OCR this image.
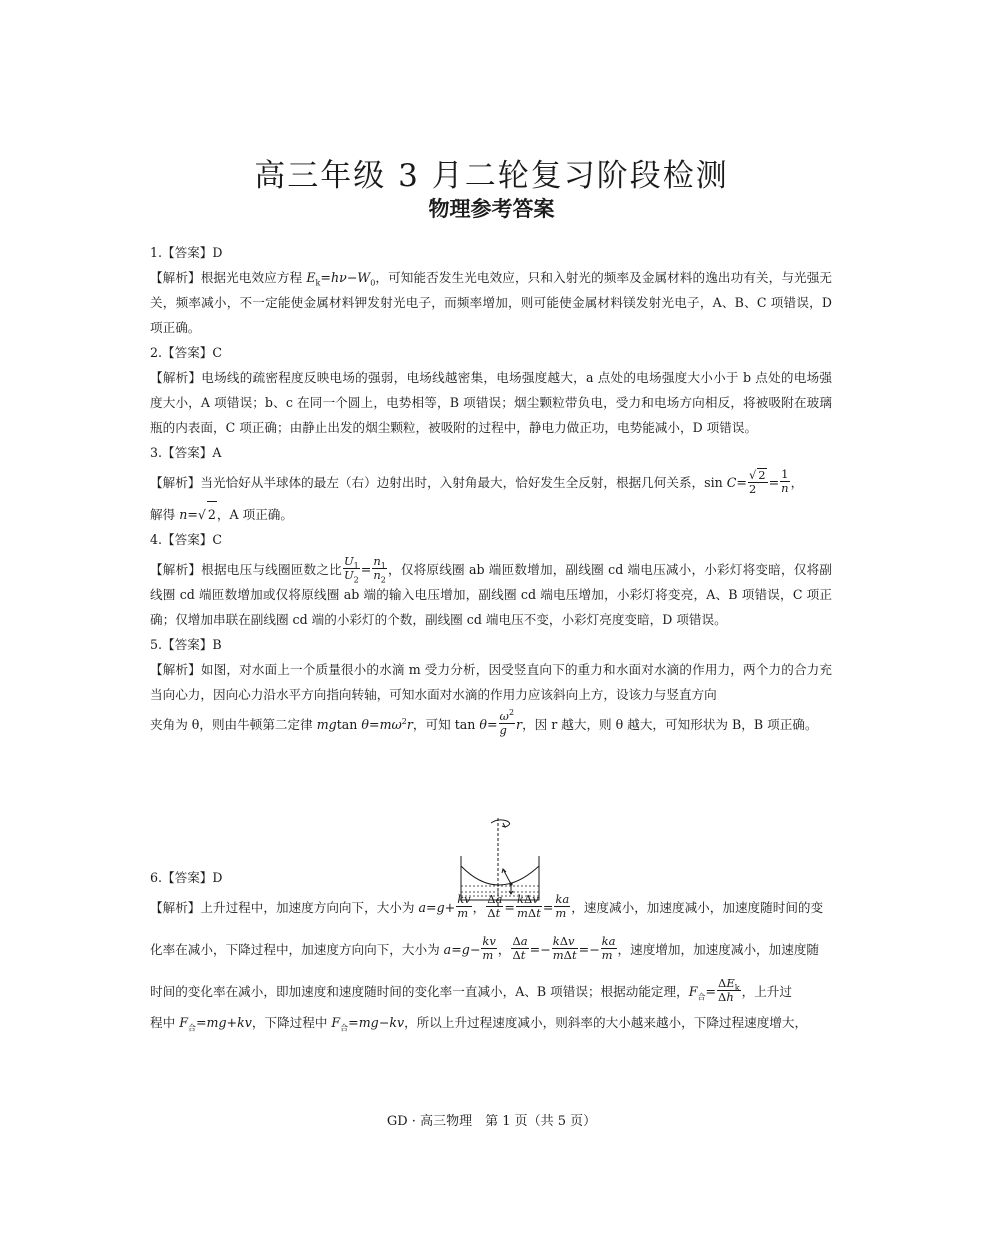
高三年级 3 月二轮复习阶段检测
物理参考答案

1.【答案】D

【解析】根据光电效应方程 $E_k=h\nu-W_0$，可知能否发生光电效应，只和入射光的频率及金属材料的逸出功有关，与光强无关，频率减小，不一定能使金属材料钾发射光电子，而频率增加，则可能使金属材料镁发射光电子，A、B、C 项错误，D 项正确。

2.【答案】C

【解析】电场线的疏密程度反映电场的强弱，电场线越密集，电场强度越大，a 点处的电场强度大小小于 b 点处的电场强度大小，A 项错误；b、c 在同一个圆上，电势相等，B 项错误；烟尘颗粒带负电，受力和电场方向相反，将被吸附在玻璃瓶的内表面，C 项正确；由静止出发的烟尘颗粒，被吸附的过程中，静电力做正功，电势能减小，D 项错误。

3.【答案】A

【解析】当光恰好从半球体的最左（右）边射出时，入射角最大，恰好发生全反射，根据几何关系，$\sin C= \frac{√ 2}{2} = \frac{1}{n}$ ，

解得 n=√ 2，A 项正确。

4.【答案】C

【解析】根据电压与线圈匝数之比 $\frac{U_1}{U_2} = \frac{n_1}{n_2}$ ，仅将原线圈 ab 端匝数增加，副线圈 cd 端电压减小，小彩灯将变暗，仅将副线圈 cd 端匝数增加或仅将原线圈 ab 端的输入电压增加，副线圈 cd 端电压增加，小彩灯将变亮，A、B 项错误，C 项正确；仅增加串联在副线圈 cd 端的小彩灯的个数，副线圈 cd 端电压不变，小彩灯亮度变暗，D 项错误。

5.【答案】B

【解析】如图，对水面上一个质量很小的水滴 m 受力分析，因受竖直向下的重力和水面对水滴的作用力，两个力的合力充当向心力，因向心力沿水平方向指向转轴，可知水面对水滴的作用力应该斜向上方，设该力与竖直方向

夹角为 θ，则由牛顿第二定律 mgtan $\theta=m\omega^2r$，可知 $\tan \theta= \frac{\omega^2}{g}$ r，因 r 越大，则 θ 越大，可知形状为 B，B 项正确。

6.【答案】D

【解析】上升过程中，加速度方向向下，大小为 $a=g+ \frac{kv}{m}$ ， $\frac{\Delta a}{\Delta t} = \frac{\text{kΔv}}{\text{mΔt}} = \frac{ka}{m}$ ，速度减小，加速度减小，加速度随时间的变

化率在减小，下降过程中，加速度方向向下，大小为 $a=g- \frac{kv}{m}$ ， $\frac{\Delta a}{\Delta t} =- \frac{\text{kΔv}}{\text{mΔt}} =- \frac{ka}{m}$ ，速度增加，加速度减小，加速度随

时间的变化率在减小，即加速度和速度随时间的变化率一直减小，A、B 项错误；根据动能定理，$F_合= \frac{\Delta E_k}{\Delta h}$ ，上升过

程中 $F_合=mg+kv$，下降过程中 $F_合=mg-kv$，所以上升过程速度减小，则斜率的大小越来越小，下降过程速度增大，

GD · 高三物理　第 1 页（共 5 页）
